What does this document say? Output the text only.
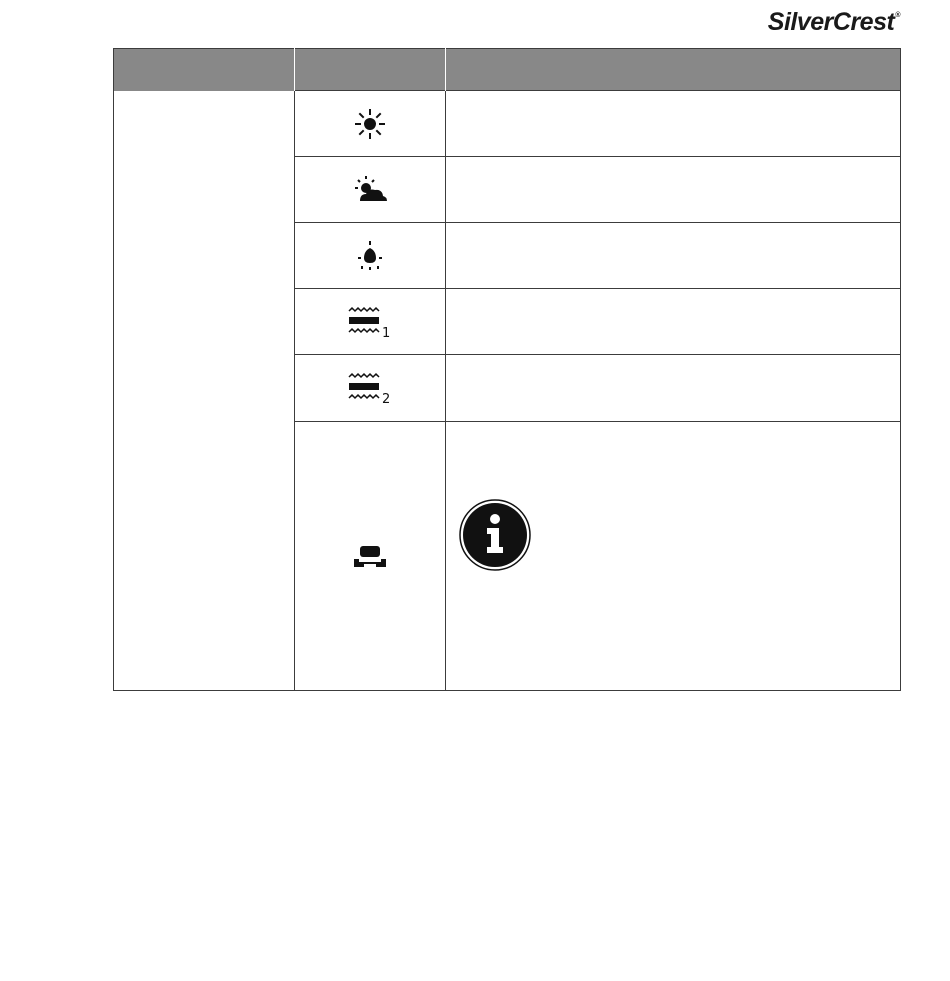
SilverCrest®

1	

2	
